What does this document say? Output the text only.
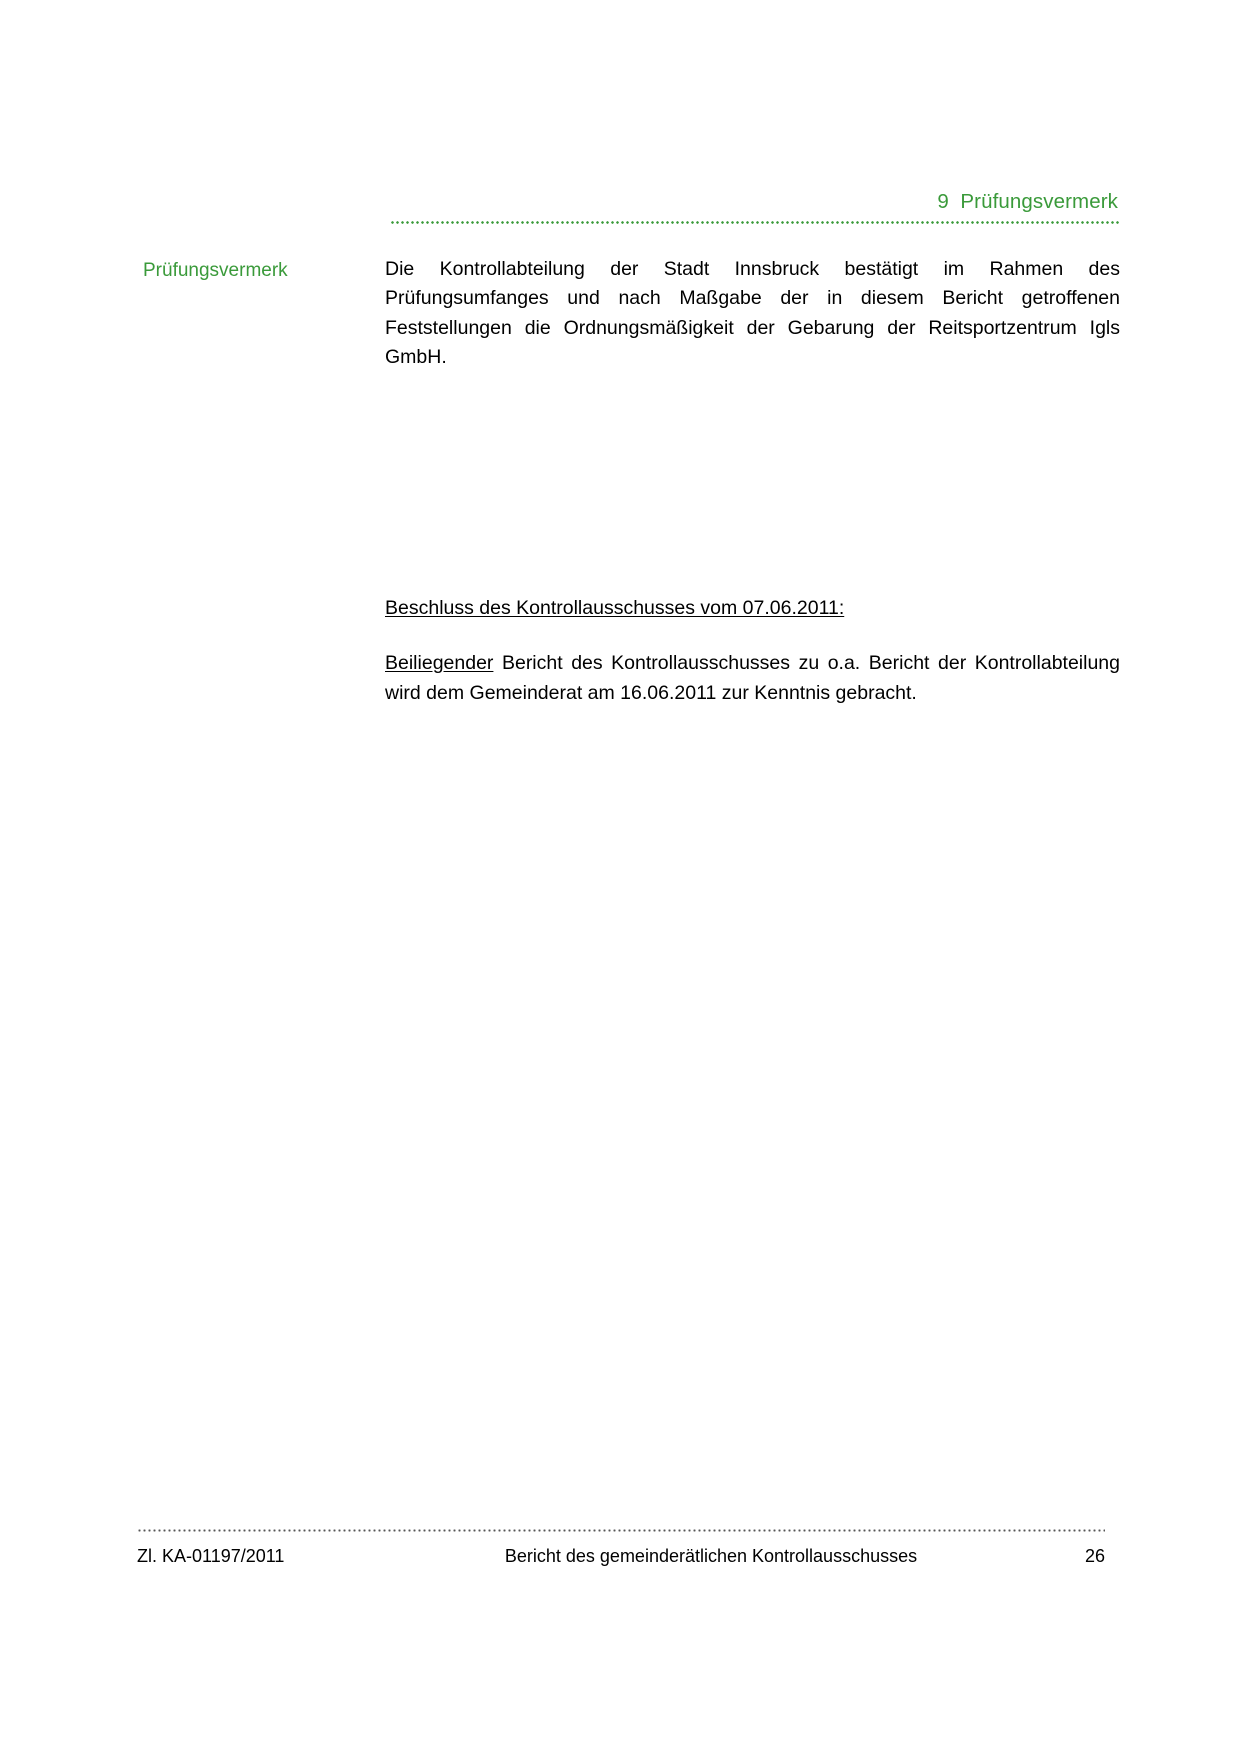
9  Prüfungsvermerk
Prüfungsvermerk	Die Kontrollabteilung der Stadt Innsbruck bestätigt im Rahmen des Prüfungsumfanges und nach Maßgabe der in diesem Bericht getroffenen Feststellungen die Ordnungsmäßigkeit der Gebarung der Reitsportzentrum Igls GmbH.

Beschluss des Kontrollausschusses vom 07.06.2011:

Beiliegender Bericht des Kontrollausschusses zu o.a. Bericht der Kontrollabteilung wird dem Gemeinderat am 16.06.2011 zur Kenntnis gebracht.

Zl. KA-01197/2011	Bericht des gemeinderätlichen Kontrollausschusses	26
